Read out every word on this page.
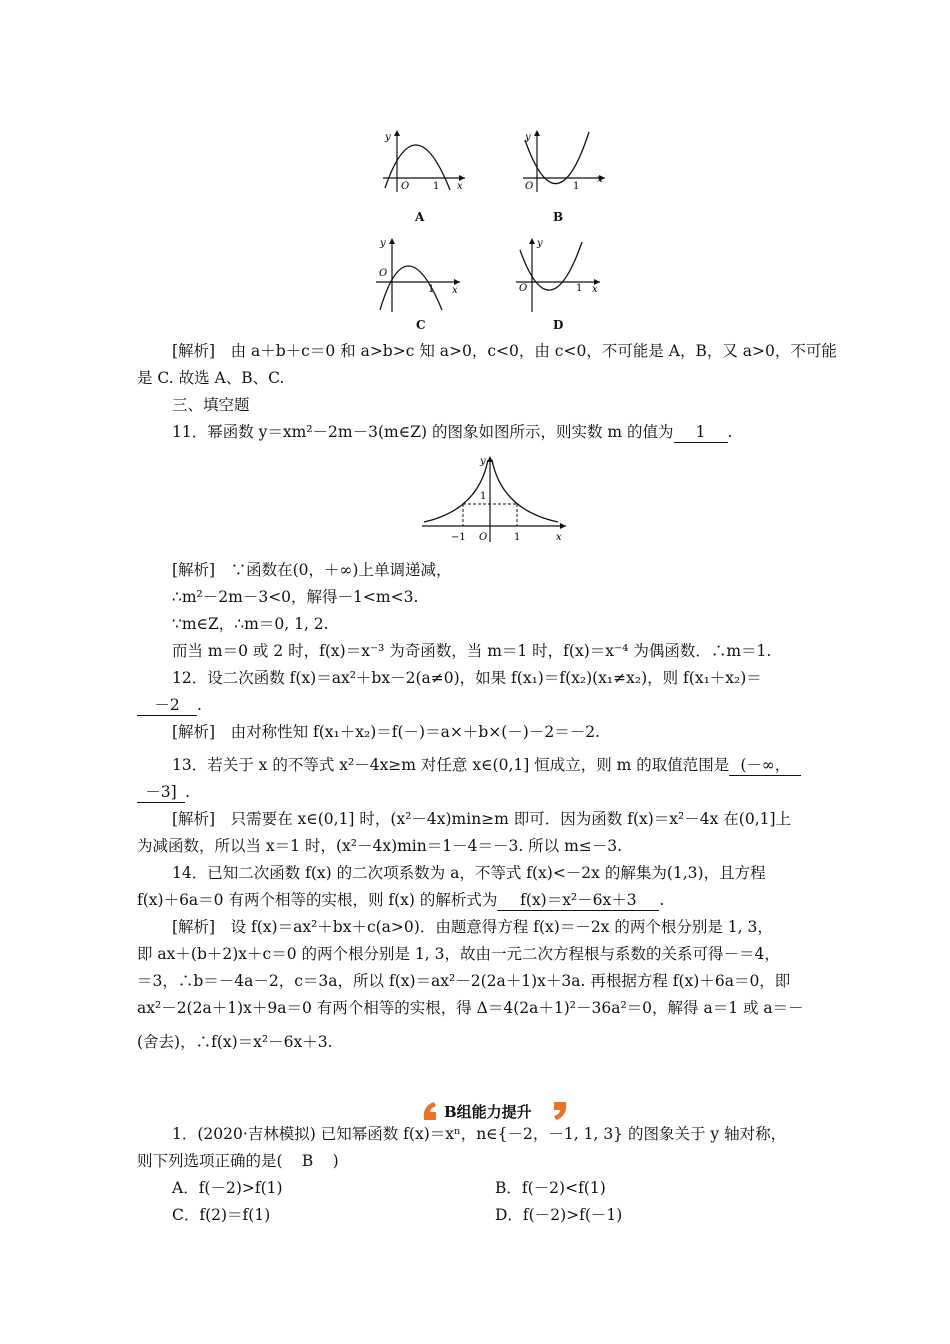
y
O 1 x
A
y
O	1
x
B
y
O
1 x
C
y
O	1 x
D
[解析]　由 a＋b＋c＝0 和 a>b>c 知 a>0，c<0，由 c<0，不可能是 A，B，又 a>0，不可能
是 C. 故选 A、B、C.
三、填空题
11．幂函数 y＝xm²－2m－3(m∈Z) 的图象如图所示，则实数 m 的值为 1 .
y
1
−1 O	1	x
[解析]　∵函数在(0，＋∞)上单调递减，
∴m²－2m－3<0，解得－1<m<3.
∵m∈Z，∴m＝0, 1, 2.
而当 m＝0 或 2 时，f(x)＝x⁻³ 为奇函数，当 m＝1 时，f(x)＝x⁻⁴ 为偶函数．∴m＝1.
12．设二次函数 f(x)＝ax²＋bx－2(a≠0)，如果 f(x₁)＝f(x₂)(x₁≠x₂)，则 f(x₁＋x₂)＝
－2 .
[解析]　由对称性知 f(x₁＋x₂)＝f(－)＝a×＋b×(－)－2＝－2.
13．若关于 x 的不等式 x²－4x≥m 对任意 x∈(0,1] 恒成立，则 m 的取值范围是 (－∞，
－3] .
[解析]　只需要在 x∈(0,1] 时，(x²－4x)min≥m 即可．因为函数 f(x)＝x²－4x 在(0,1]上
为减函数，所以当 x＝1 时，(x²－4x)min＝1－4＝－3. 所以 m≤－3.
14．已知二次函数 f(x) 的二次项系数为 a，不等式 f(x)<－2x 的解集为(1,3)，且方程
f(x)＋6a＝0 有两个相等的实根，则 f(x) 的解析式为 f(x)＝x²－6x＋3 .
[解析]　设 f(x)＝ax²＋bx＋c(a>0)．由题意得方程 f(x)＝－2x 的两个根分别是 1, 3，
即 ax＋(b＋2)x＋c＝0 的两个根分别是 1, 3，故由一元二次方程根与系数的关系可得－＝4，
＝3，∴b＝－4a－2，c＝3a，所以 f(x)＝ax²－2(2a＋1)x＋3a. 再根据方程 f(x)＋6a＝0，即
ax²－2(2a＋1)x＋9a＝0 有两个相等的实根，得 Δ＝4(2a＋1)²－36a²＝0，解得 a＝1 或 a＝－
(舍去)，∴f(x)＝x²－6x＋3.
B组能力提升
1．(2020·吉林模拟) 已知幂函数 f(x)＝xⁿ，n∈{－2，－1, 1, 3} 的图象关于 y 轴对称，
则下列选项正确的是( B )
A．f(－2)>f(1)	B．f(－2)<f(1)
C．f(2)＝f(1)	D．f(－2)>f(－1)
